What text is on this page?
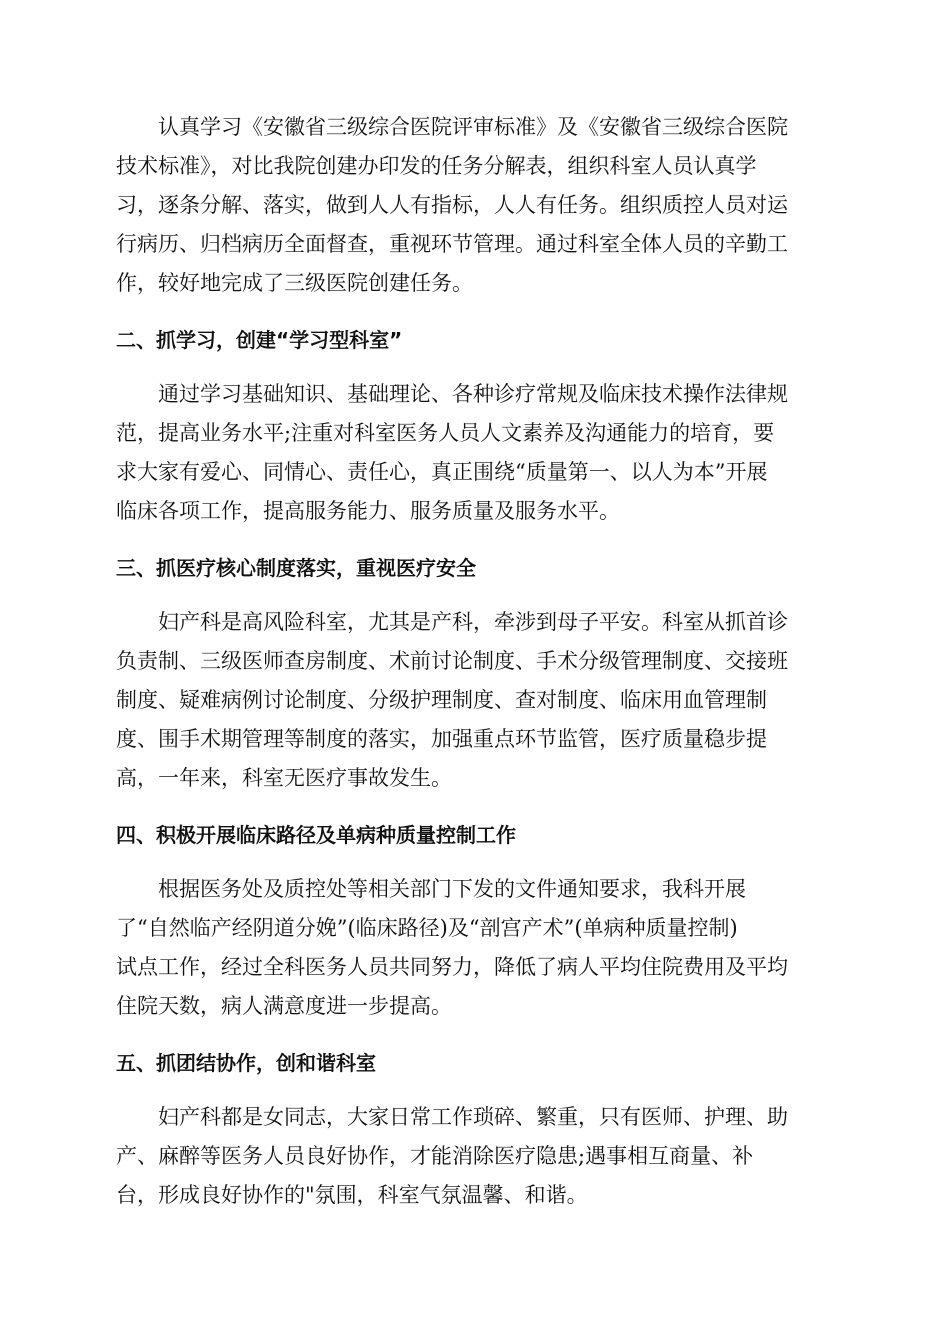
认真学习《安徽省三级综合医院评审标准》及《安徽省三级综合医院
技术标准》，对比我院创建办印发的任务分解表，组织科室人员认真学
习，逐条分解、落实，做到人人有指标，人人有任务。组织质控人员对运
行病历、归档病历全面督查，重视环节管理。通过科室全体人员的辛勤工
作，较好地完成了三级医院创建任务。

二、抓学习，创建“学习型科室”

通过学习基础知识、基础理论、各种诊疗常规及临床技术操作法律规
范，提高业务水平;注重对科室医务人员人文素养及沟通能力的培育，要
求大家有爱心、同情心、责任心，真正围绕“质量第一、以人为本”开展
临床各项工作，提高服务能力、服务质量及服务水平。

三、抓医疗核心制度落实，重视医疗安全

妇产科是高风险科室，尤其是产科，牵涉到母子平安。科室从抓首诊
负责制、三级医师查房制度、术前讨论制度、手术分级管理制度、交接班
制度、疑难病例讨论制度、分级护理制度、查对制度、临床用血管理制
度、围手术期管理等制度的落实，加强重点环节监管，医疗质量稳步提
高，一年来，科室无医疗事故发生。

四、积极开展临床路径及单病种质量控制工作

根据医务处及质控处等相关部门下发的文件通知要求，我科开展
了“自然临产经阴道分娩”(临床路径)及“剖宫产术”(单病种质量控制)
试点工作，经过全科医务人员共同努力，降低了病人平均住院费用及平均
住院天数，病人满意度进一步提高。

五、抓团结协作，创和谐科室

妇产科都是女同志，大家日常工作琐碎、繁重，只有医师、护理、助
产、麻醉等医务人员良好协作，才能消除医疗隐患;遇事相互商量、补
台，形成良好协作的"氛围，科室气氛温馨、和谐。
